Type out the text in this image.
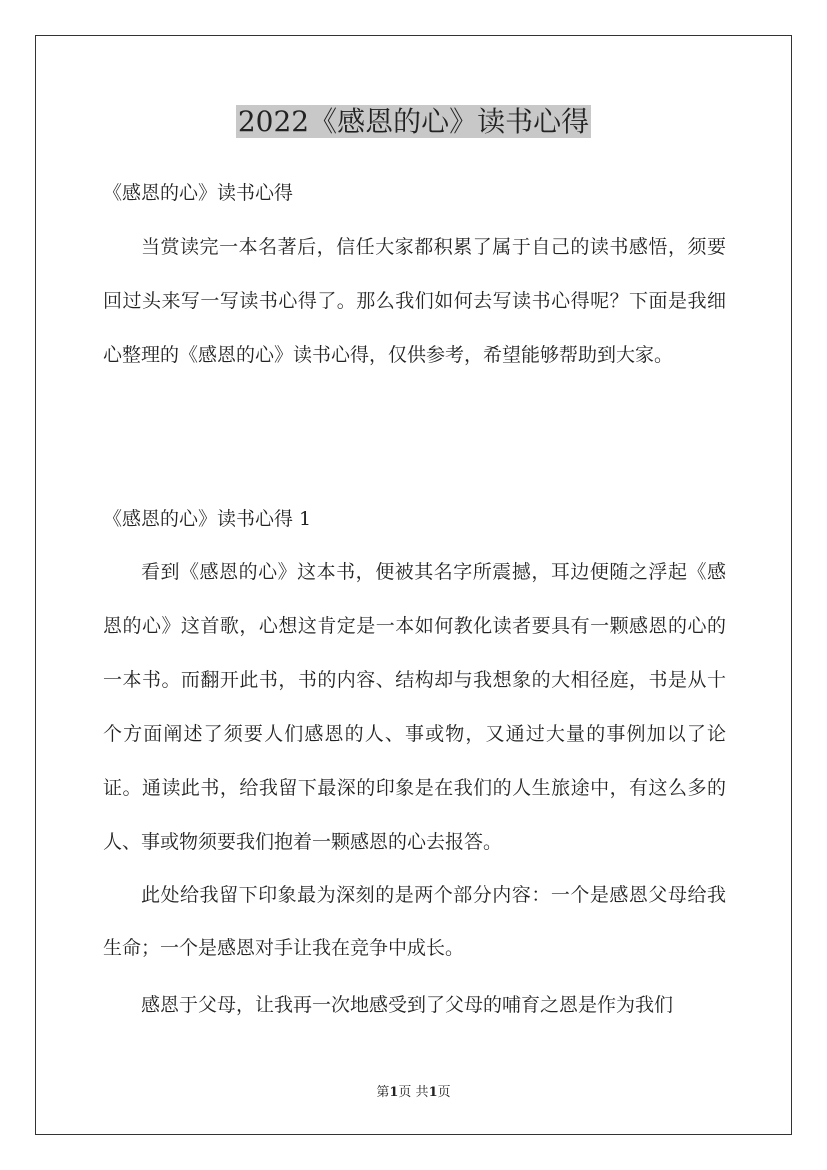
2022《感恩的心》读书心得

《感恩的心》读书心得

当赏读完一本名著后，信任大家都积累了属于自己的读书感悟，须要回过头来写一写读书心得了。那么我们如何去写读书心得呢？下面是我细心整理的《感恩的心》读书心得，仅供参考，希望能够帮助到大家。

《感恩的心》读书心得 1

看到《感恩的心》这本书，便被其名字所震撼，耳边便随之浮起《感恩的心》这首歌，心想这肯定是一本如何教化读者要具有一颗感恩的心的一本书。而翻开此书，书的内容、结构却与我想象的大相径庭，书是从十个方面阐述了须要人们感恩的人、事或物，又通过大量的事例加以了论证。通读此书，给我留下最深的印象是在我们的人生旅途中，有这么多的人、事或物须要我们抱着一颗感恩的心去报答。

此处给我留下印象最为深刻的是两个部分内容：一个是感恩父母给我生命；一个是感恩对手让我在竞争中成长。

感恩于父母，让我再一次地感受到了父母的哺育之恩是作为我们

第1页 共1页
